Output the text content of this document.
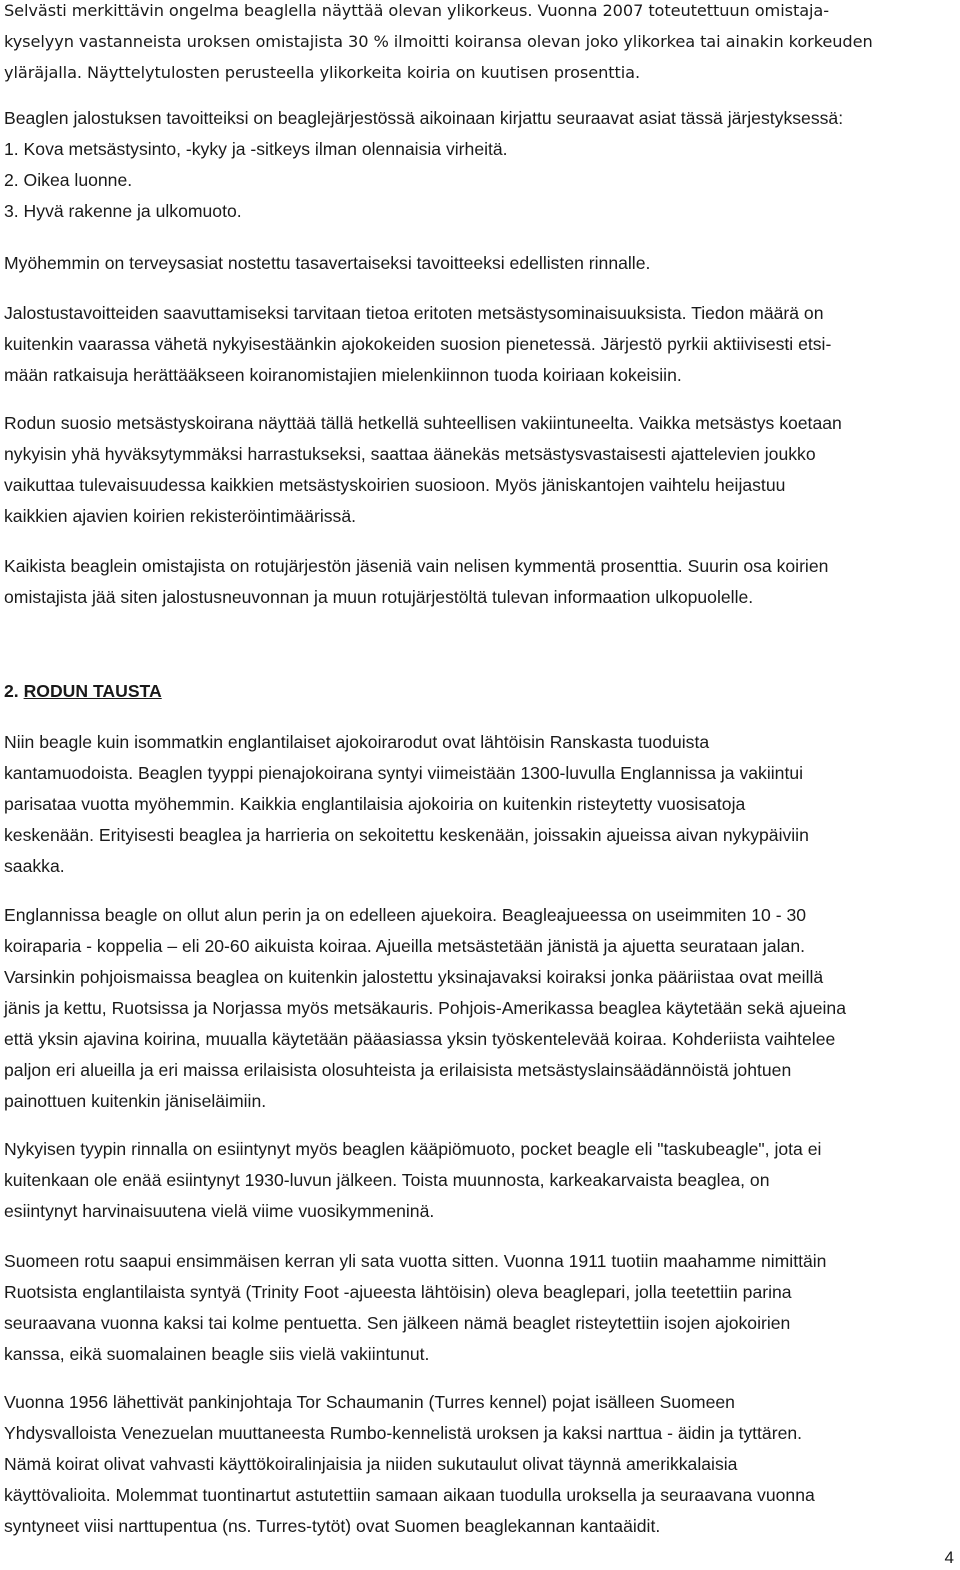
Selvästi merkittävin ongelma beaglella näyttää olevan ylikorkeus. Vuonna 2007 toteutettuun omistaja-
kyselyyn vastanneista uroksen omistajista 30 % ilmoitti koiransa olevan joko ylikorkea tai ainakin korkeuden
yläräjalla. Näyttelytulosten perusteella ylikorkeita koiria on kuutisen prosenttia.
Beaglen jalostuksen tavoitteiksi on beaglejärjestössä aikoinaan kirjattu seuraavat asiat tässä järjestyksessä:
1. Kova metsästysinto, -kyky ja -sitkeys ilman olennaisia virheitä.
2. Oikea luonne.
3. Hyvä rakenne ja ulkomuoto.
Myöhemmin on terveysasiat nostettu tasavertaiseksi tavoitteeksi edellisten rinnalle.
Jalostustavoitteiden saavuttamiseksi tarvitaan tietoa eritoten metsästysominaisuuksista. Tiedon määrä on
kuitenkin vaarassa vähetä nykyisestäänkin ajokokeiden suosion pienetessä. Järjestö pyrkii aktiivisesti etsi-
mään ratkaisuja herättääkseen koiranomistajien mielenkiinnon tuoda koiriaan kokeisiin.
Rodun suosio metsästyskoirana näyttää tällä hetkellä suhteellisen vakiintuneelta. Vaikka metsästys koetaan
nykyisin yhä hyväksytymmäksi harrastukseksi, saattaa äänekäs metsästysvastaisesti ajattelevien joukko
vaikuttaa tulevaisuudessa kaikkien metsästyskoirien suosioon. Myös jäniskantojen vaihtelu heijastuu
kaikkien ajavien koirien rekisteröintimäärissä.
Kaikista beaglein omistajista on rotujärjestön jäseniä vain nelisen kymmentä prosenttia. Suurin osa koirien
omistajista jää siten jalostusneuvonnan ja muun rotujärjestöltä tulevan informaation ulkopuolelle.
2. RODUN TAUSTA
Niin beagle kuin isommatkin englantilaiset ajokoirarodut ovat lähtöisin Ranskasta tuoduista
kantamuodoista. Beaglen tyyppi pienajokoirana syntyi viimeistään 1300-luvulla Englannissa ja vakiintui
parisataa vuotta myöhemmin. Kaikkia englantilaisia ajokoiria on kuitenkin risteytetty vuosisatoja
keskenään. Erityisesti beaglea ja harrieria on sekoitettu keskenään, joissakin ajueissa aivan nykypäiviin
saakka.
Englannissa beagle on ollut alun perin ja on edelleen ajuekoira. Beagleajueessa on useimmiten 10 - 30
koiraparia - koppelia – eli 20-60 aikuista koiraa. Ajueilla metsästetään jänistä ja ajuetta seurataan jalan.
Varsinkin pohjoismaissa beaglea on kuitenkin jalostettu yksinajavaksi koiraksi jonka pääriistaa ovat meillä
jänis ja kettu, Ruotsissa ja Norjassa myös metsäkauris. Pohjois-Amerikassa beaglea käytetään sekä ajueina
että yksin ajavina koirina, muualla käytetään pääasiassa yksin työskentelevää koiraa. Kohderiista vaihtelee
paljon eri alueilla ja eri maissa erilaisista olosuhteista ja erilaisista metsästyslainsäädännöistä johtuen
painottuen kuitenkin jäniseläimiin.
Nykyisen tyypin rinnalla on esiintynyt myös beaglen kääpiömuoto, pocket beagle eli "taskubeagle", jota ei
kuitenkaan ole enää esiintynyt 1930-luvun jälkeen. Toista muunnosta, karkeakarvaista beaglea, on
esiintynyt harvinaisuutena vielä viime vuosikymmeninä.
Suomeen rotu saapui ensimmäisen kerran yli sata vuotta sitten. Vuonna 1911 tuotiin maahamme nimittäin
Ruotsista englantilaista syntyä (Trinity Foot -ajueesta lähtöisin) oleva beaglepari, jolla teetettiin parina
seuraavana vuonna kaksi tai kolme pentuetta. Sen jälkeen nämä beaglet risteytettiin isojen ajokoirien
kanssa, eikä suomalainen beagle siis vielä vakiintunut.
Vuonna 1956 lähettivät pankinjohtaja Tor Schaumanin (Turres kennel) pojat isälleen Suomeen
Yhdysvalloista Venezuelan muuttaneesta Rumbo-kennelistä uroksen ja kaksi narttua - äidin ja tyttären.
Nämä koirat olivat vahvasti käyttökoiralinjaisia ja niiden sukutaulut olivat täynnä amerikkalaisia
käyttövalioita. Molemmat tuontinartut astutettiin samaan aikaan tuodulla uroksella ja seuraavana vuonna
syntyneet viisi narttupentua (ns. Turres-tytöt) ovat Suomen beaglekannan kantaäidit.
4
